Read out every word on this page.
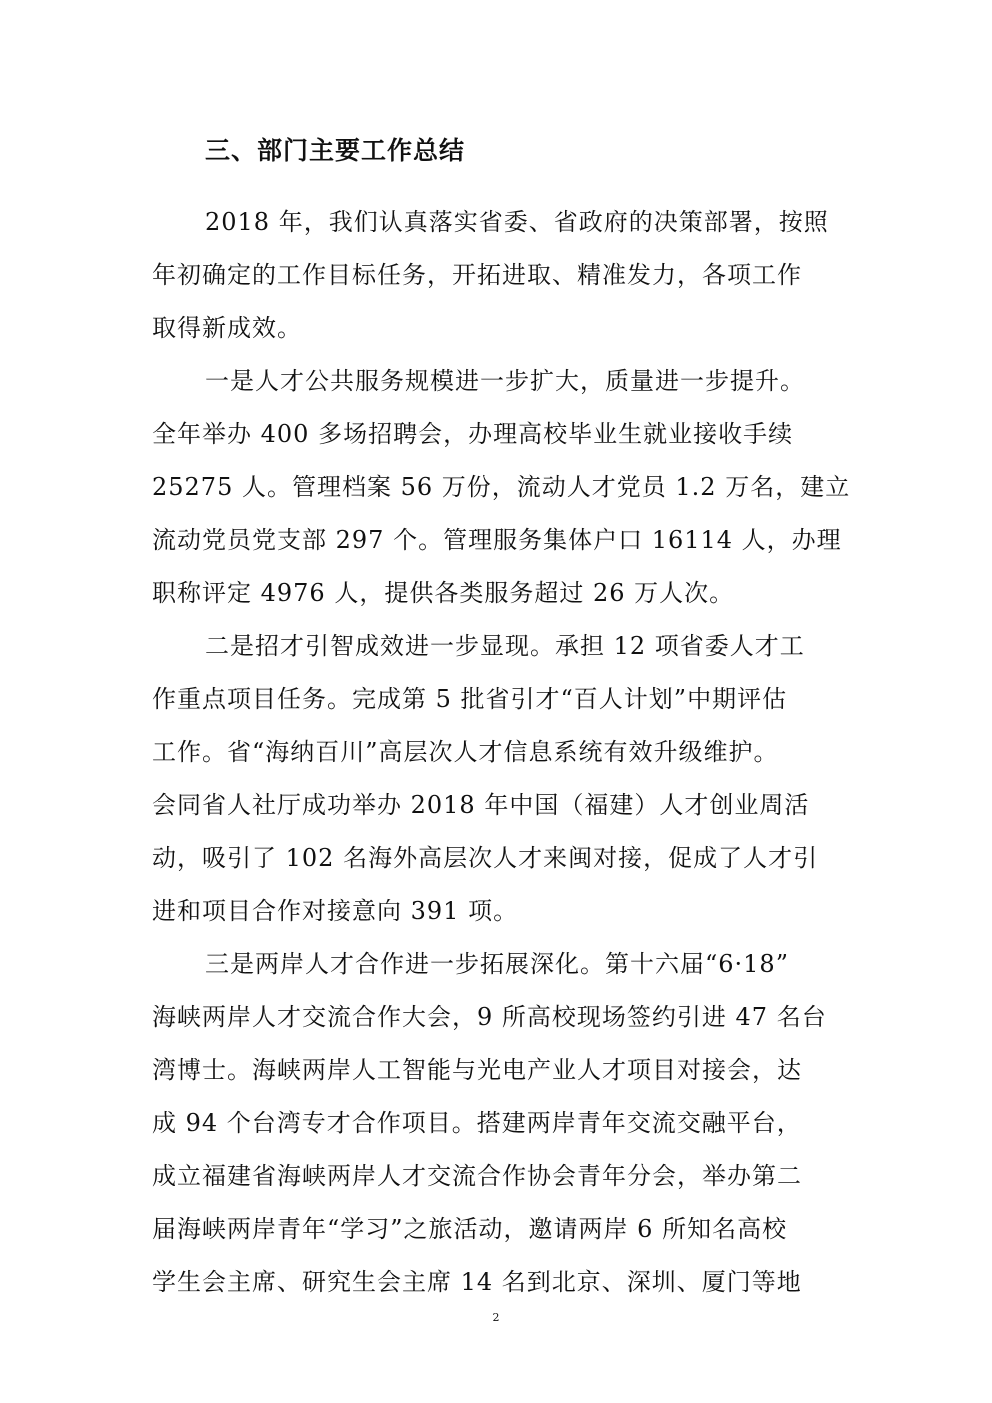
三、部门主要工作总结
2018 年，我们认真落实省委、省政府的决策部署，按照
年初确定的工作目标任务，开拓进取、精准发力，各项工作
取得新成效。
一是人才公共服务规模进一步扩大，质量进一步提升。
全年举办 400 多场招聘会，办理高校毕业生就业接收手续
25275 人。管理档案 56 万份，流动人才党员 1.2 万名，建立
流动党员党支部 297 个。管理服务集体户口 16114 人，办理
职称评定 4976 人，提供各类服务超过 26 万人次。
二是招才引智成效进一步显现。承担 12 项省委人才工
作重点项目任务。完成第 5 批省引才“百人计划”中期评估
工作。省“海纳百川”高层次人才信息系统有效升级维护。
会同省人社厅成功举办 2018 年中国（福建）人才创业周活
动，吸引了 102 名海外高层次人才来闽对接，促成了人才引
进和项目合作对接意向 391 项。
三是两岸人才合作进一步拓展深化。第十六届“6·18”
海峡两岸人才交流合作大会，9 所高校现场签约引进 47 名台
湾博士。海峡两岸人工智能与光电产业人才项目对接会，达
成 94 个台湾专才合作项目。搭建两岸青年交流交融平台，
成立福建省海峡两岸人才交流合作协会青年分会，举办第二
届海峡两岸青年“学习”之旅活动，邀请两岸 6 所知名高校
学生会主席、研究生会主席 14 名到北京、深圳、厦门等地
2
